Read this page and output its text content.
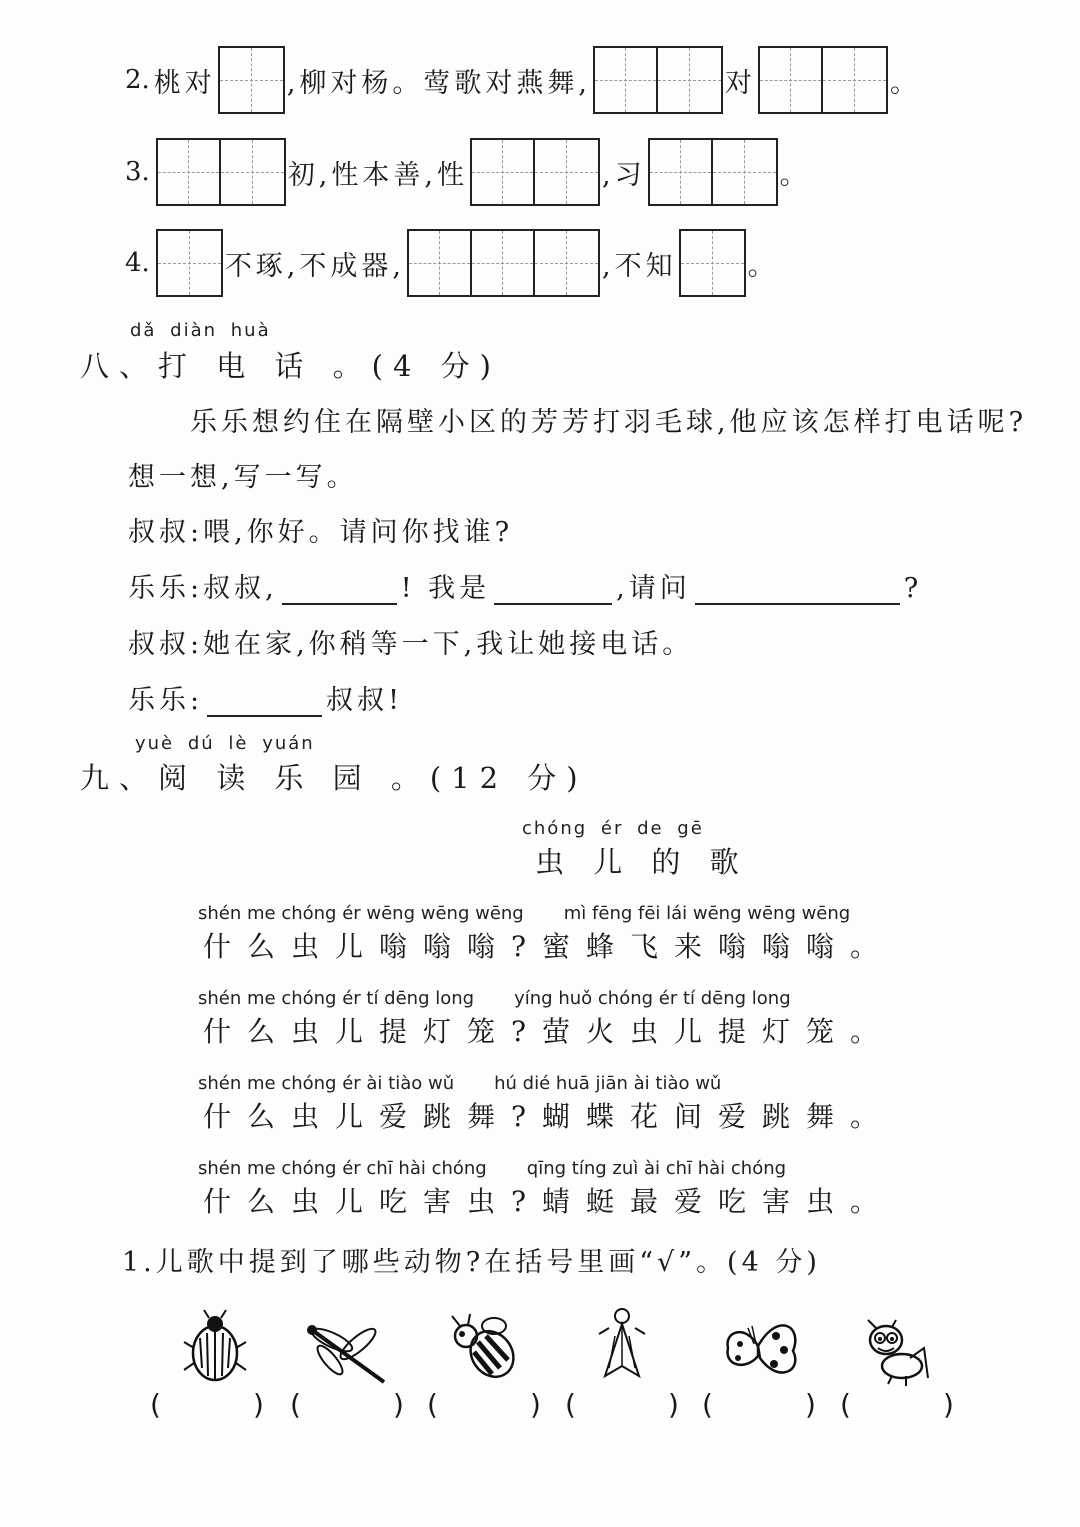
2. 桃对	,柳对杨。莺歌对燕舞,	对	。
3.	初,性本善,性	,习	。
4.	不琢,不成器,	,不知	。
dǎ diàn huà
八、打 电 话 。(4 分)
乐乐想约住在隔壁小区的芳芳打羽毛球,他应该怎样打电话呢?
想一想,写一写。
叔叔:喂,你好。请问你找谁?
乐乐:叔叔,	! 我是	,请问	?
叔叔:她在家,你稍等一下,我让她接电话。
乐乐:	叔叔!
yuè dú lè yuán
九、阅 读 乐 园 。(12 分)
chóng ér de gē
虫 儿 的 歌
shén me chóng ér wēng wēng wēng       mì fēng fēi lái wēng wēng wēng
什么虫儿嗡嗡嗡?蜜蜂飞来嗡嗡嗡。
shén me chóng ér tí dēng long       yíng huǒ chóng ér tí dēng long
什么虫儿提灯笼?萤火虫儿提灯笼。
shén me chóng ér ài tiào wǔ       hú dié huā jiān ài tiào wǔ
什么虫儿爱跳舞?蝴蝶花间爱跳舞。
shén me chóng ér chī hài chóng       qīng tíng zuì ài chī hài chóng
什么虫儿吃害虫?蜻蜓最爱吃害虫。
1.儿歌中提到了哪些动物?在括号里画“√”。(4 分)
(	) (	) (	) (	) (	) (	)
